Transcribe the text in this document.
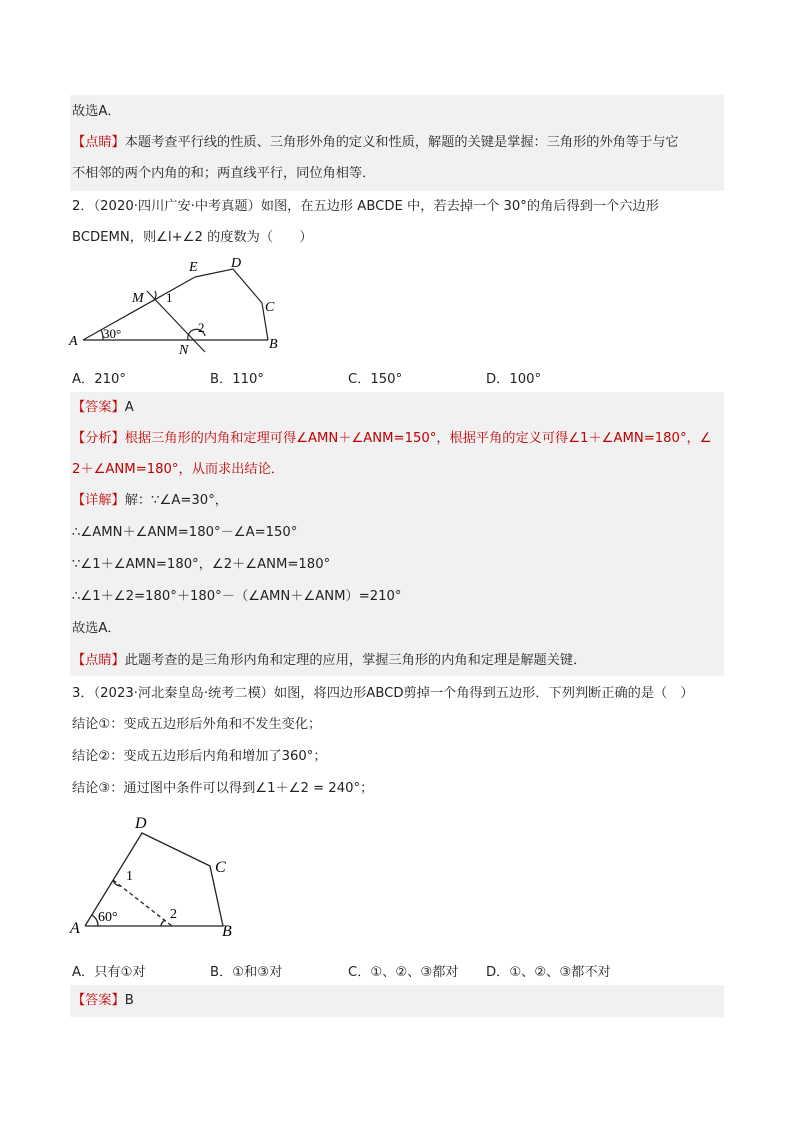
故选A．
【点睛】本题考查平行线的性质、三角形外角的定义和性质，解题的关键是掌握：三角形的外角等于与它
不相邻的两个内角的和；两直线平行，同位角相等．
2．（2020·四川广安·中考真题）如图，在五边形 ABCDE 中，若去掉一个 30°的角后得到一个六边形
BCDEMN，则∠l+∠2 的度数为（　　）
A	B
C
D
E
M
N
1
2
30°
A．210°	B．110°	C．150°	D．100°
【答案】A
【分析】根据三角形的内角和定理可得∠AMN＋∠ANM=150°，根据平角的定义可得∠1＋∠AMN=180°，∠
2＋∠ANM=180°，从而求出结论．
【详解】解：∵∠A=30°，
∴∠AMN＋∠ANM=180°－∠A=150°
∵∠1＋∠AMN=180°，∠2＋∠ANM=180°
∴∠1＋∠2=180°＋180°－（∠AMN＋∠ANM）=210°
故选A．
【点睛】此题考查的是三角形内角和定理的应用，掌握三角形的内角和定理是解题关键．
3．（2023·河北秦皇岛·统考二模）如图，将四边形ABCD剪掉一个角得到五边形．下列判断正确的是（　）
结论①：变成五边形后外角和不发生变化；
结论②：变成五边形后内角和增加了360°；
结论③：通过图中条件可以得到∠1＋∠2 = 240°；
A	B
C
D
1
2
60°
A．只有①对	B．①和③对	C．①、②、③都对 D．①、②、③都不对
【答案】B
